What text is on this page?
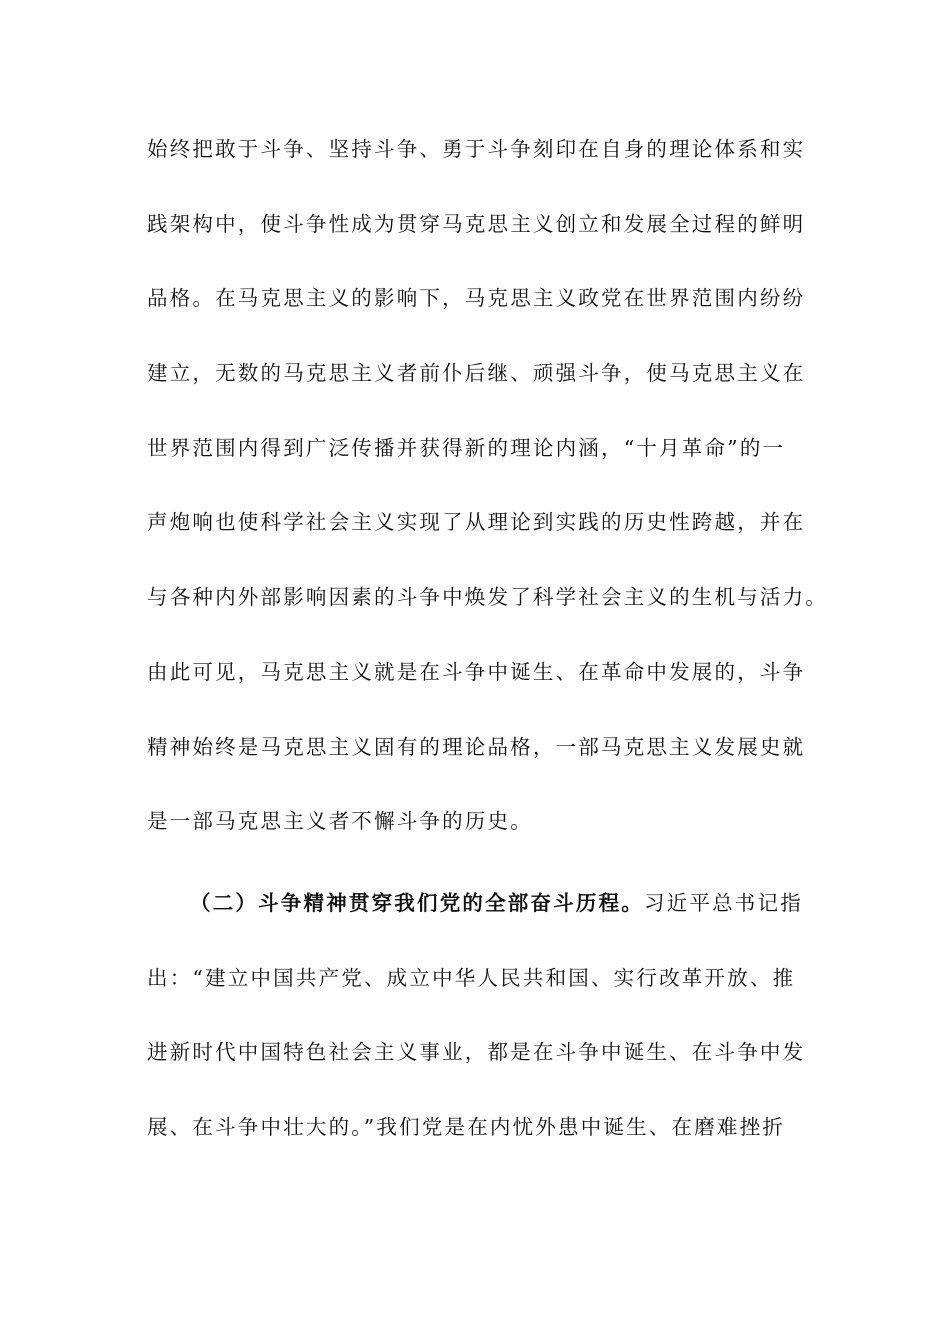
始终把敢于斗争、坚持斗争、勇于斗争刻印在自身的理论体系和实
践架构中，使斗争性成为贯穿马克思主义创立和发展全过程的鲜明
品格。在马克思主义的影响下，马克思主义政党在世界范围内纷纷
建立，无数的马克思主义者前仆后继、顽强斗争，使马克思主义在
世界范围内得到广泛传播并获得新的理论内涵，“十月革命”的一
声炮响也使科学社会主义实现了从理论到实践的历史性跨越，并在
与各种内外部影响因素的斗争中焕发了科学社会主义的生机与活力。
由此可见，马克思主义就是在斗争中诞生、在革命中发展的，斗争
精神始终是马克思主义固有的理论品格，一部马克思主义发展史就
是一部马克思主义者不懈斗争的历史。
（二）斗争精神贯穿我们党的全部奋斗历程。习近平总书记指
出：“建立中国共产党、成立中华人民共和国、实行改革开放、推
进新时代中国特色社会主义事业，都是在斗争中诞生、在斗争中发
展、在斗争中壮大的。”我们党是在内忧外患中诞生、在磨难挫折
